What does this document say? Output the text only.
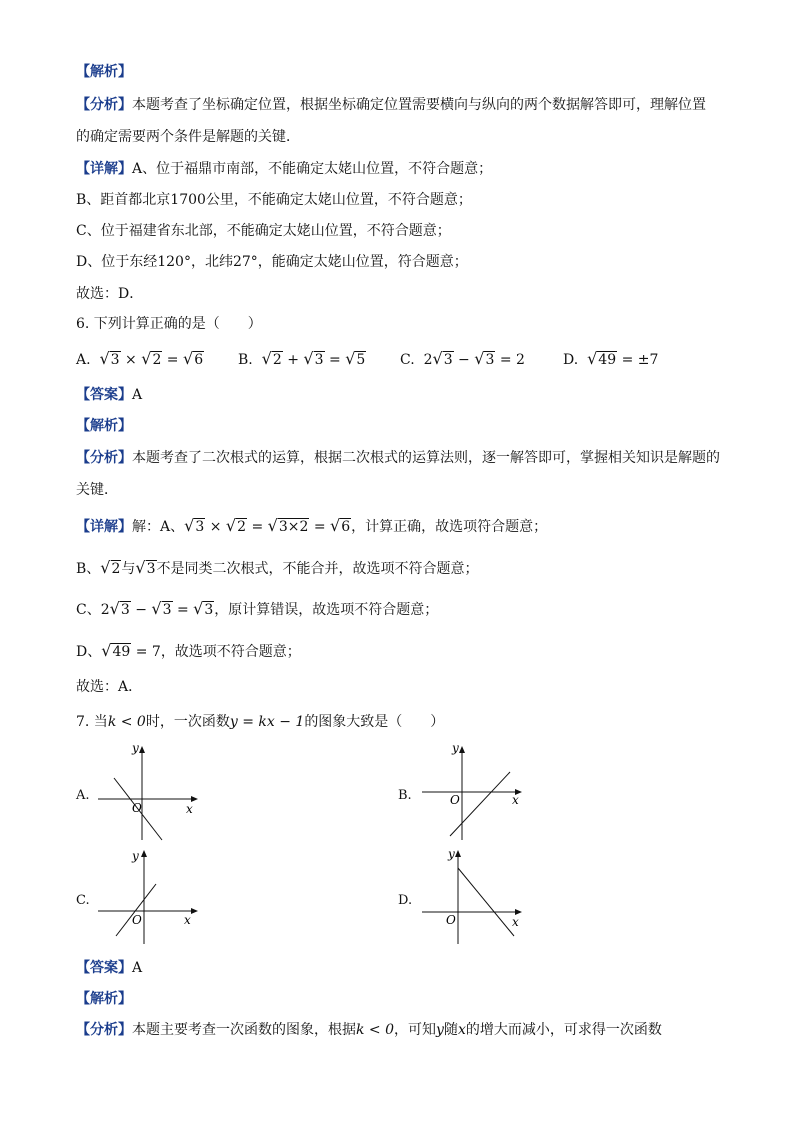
【解析】
【分析】本题考查了坐标确定位置，根据坐标确定位置需要横向与纵向的两个数据解答即可，理解位置
的确定需要两个条件是解题的关键．
【详解】A、位于福鼎市南部，不能确定太姥山位置，不符合题意；
B、距首都北京1700公里，不能确定太姥山位置，不符合题意；
C、位于福建省东北部，不能确定太姥山位置，不符合题意；
D、位于东经120°，北纬27°，能确定太姥山位置，符合题意；
故选：D．
6. 下列计算正确的是（　　）
A. √3 × √2 = √6 B. √2 + √3 = √5 C.  2√3 − √3 = 2	D. √49 = ±7
【答案】A
【解析】
【分析】本题考查了二次根式的运算，根据二次根式的运算法则，逐一解答即可，掌握相关知识是解题的
关键．
【详解】解：A、√3 × √2 = √3×2 = √6，计算正确，故选项符合题意；
B、√2与√3不是同类二次根式，不能合并，故选项不符合题意；
C、2√3 − √3 = √3，原计算错误，故选项不符合题意；
D、√49 = 7，故选项不符合题意；
故选：A．
7. 当k < 0时，一次函数y = kx − 1的图象大致是（　　）
A.
y
x
O
B.
y
x
O
C.
y
x
O
D.
y
x
O
【答案】A
【解析】
【分析】本题主要考查一次函数的图象，根据k < 0，可知y随x的增大而减小，可求得一次函数
